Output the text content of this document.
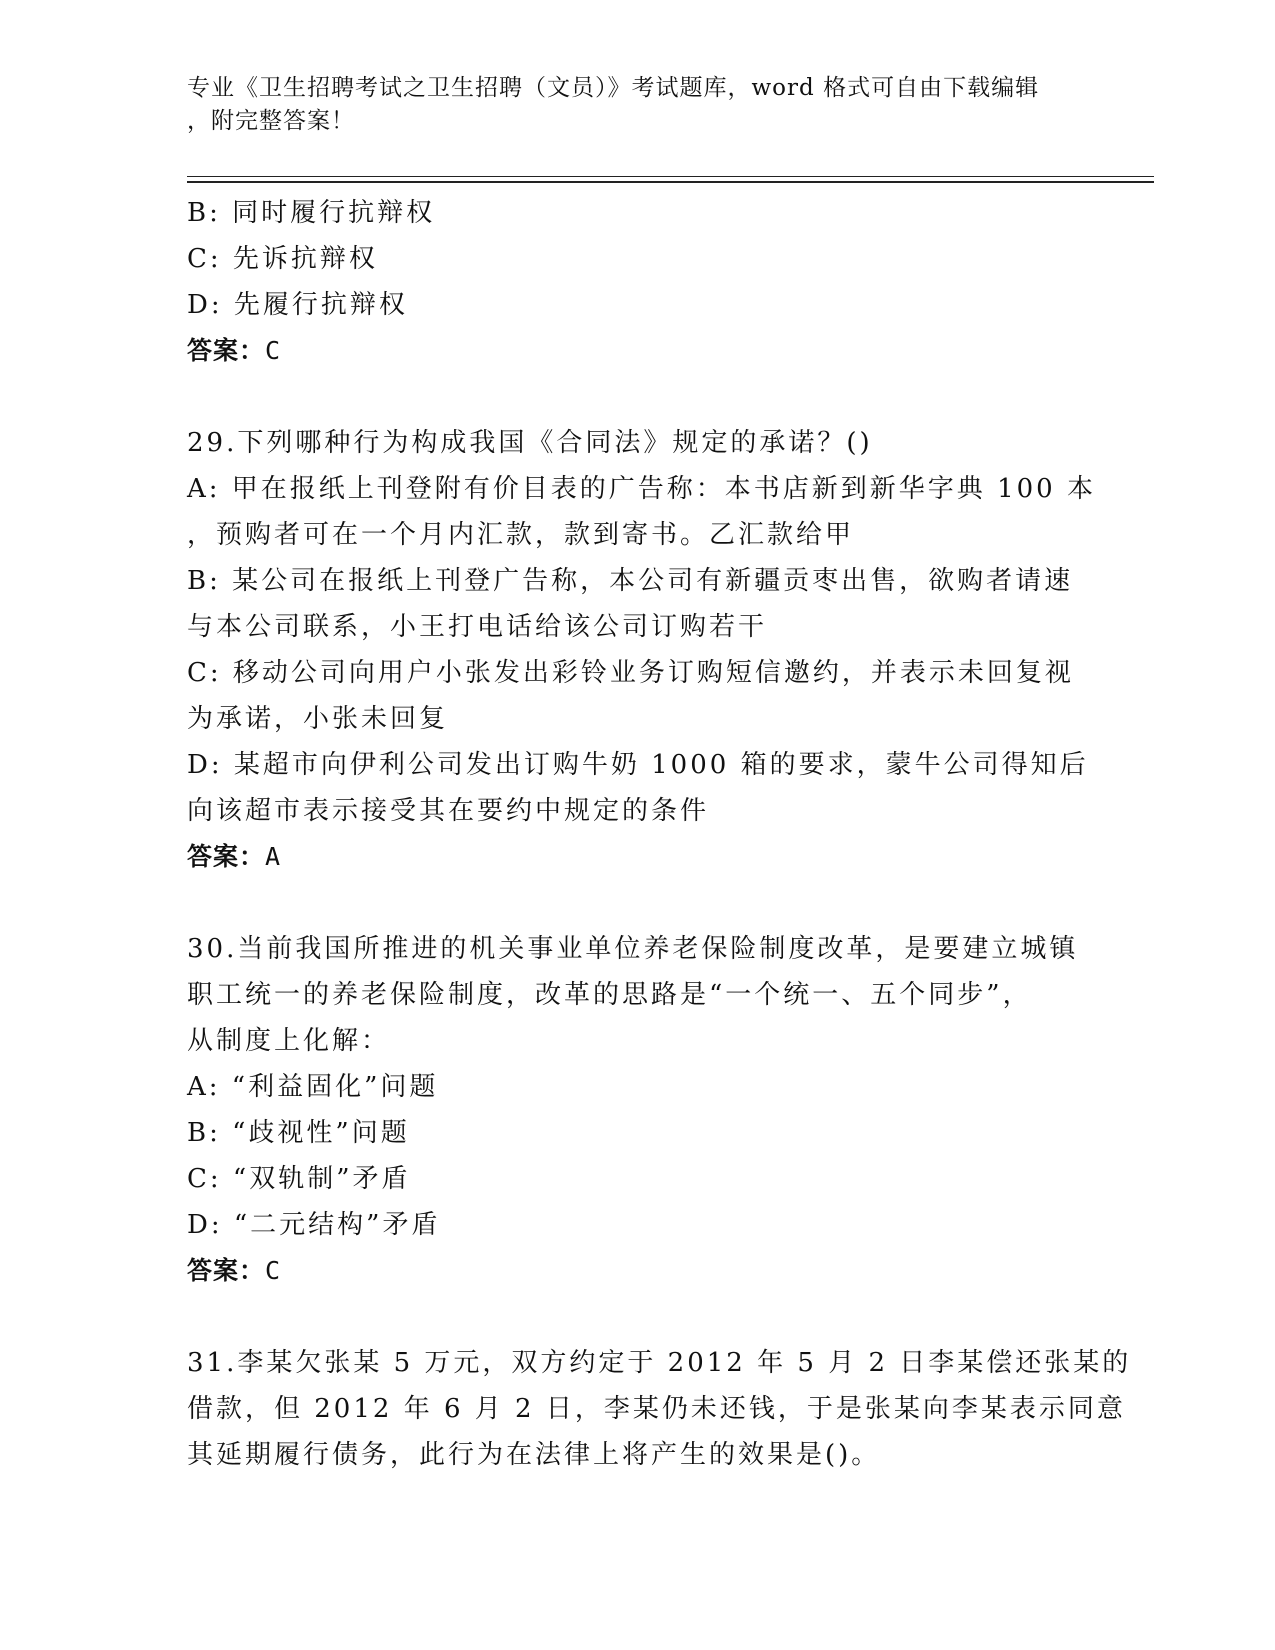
专业《卫生招聘考试之卫生招聘（文员）》考试题库，word 格式可自由下载编辑
，附完整答案！
B: 同时履行抗辩权
C: 先诉抗辩权
D: 先履行抗辩权
答案：C
29.下列哪种行为构成我国《合同法》规定的承诺？()
A: 甲在报纸上刊登附有价目表的广告称：本书店新到新华字典 100 本
，预购者可在一个月内汇款，款到寄书。乙汇款给甲
B: 某公司在报纸上刊登广告称，本公司有新疆贡枣出售，欲购者请速
与本公司联系，小王打电话给该公司订购若干
C: 移动公司向用户小张发出彩铃业务订购短信邀约，并表示未回复视
为承诺，小张未回复
D: 某超市向伊利公司发出订购牛奶 1000 箱的要求，蒙牛公司得知后
向该超市表示接受其在要约中规定的条件
答案：A
30.当前我国所推进的机关事业单位养老保险制度改革，是要建立城镇
职工统一的养老保险制度，改革的思路是“一个统一、五个同步”，
从制度上化解：
A: “利益固化”问题
B: “歧视性”问题
C: “双轨制”矛盾
D: “二元结构”矛盾
答案：C
31.李某欠张某 5 万元，双方约定于 2012 年 5 月 2 日李某偿还张某的
借款，但 2012 年 6 月 2 日，李某仍未还钱，于是张某向李某表示同意
其延期履行债务，此行为在法律上将产生的效果是()。
